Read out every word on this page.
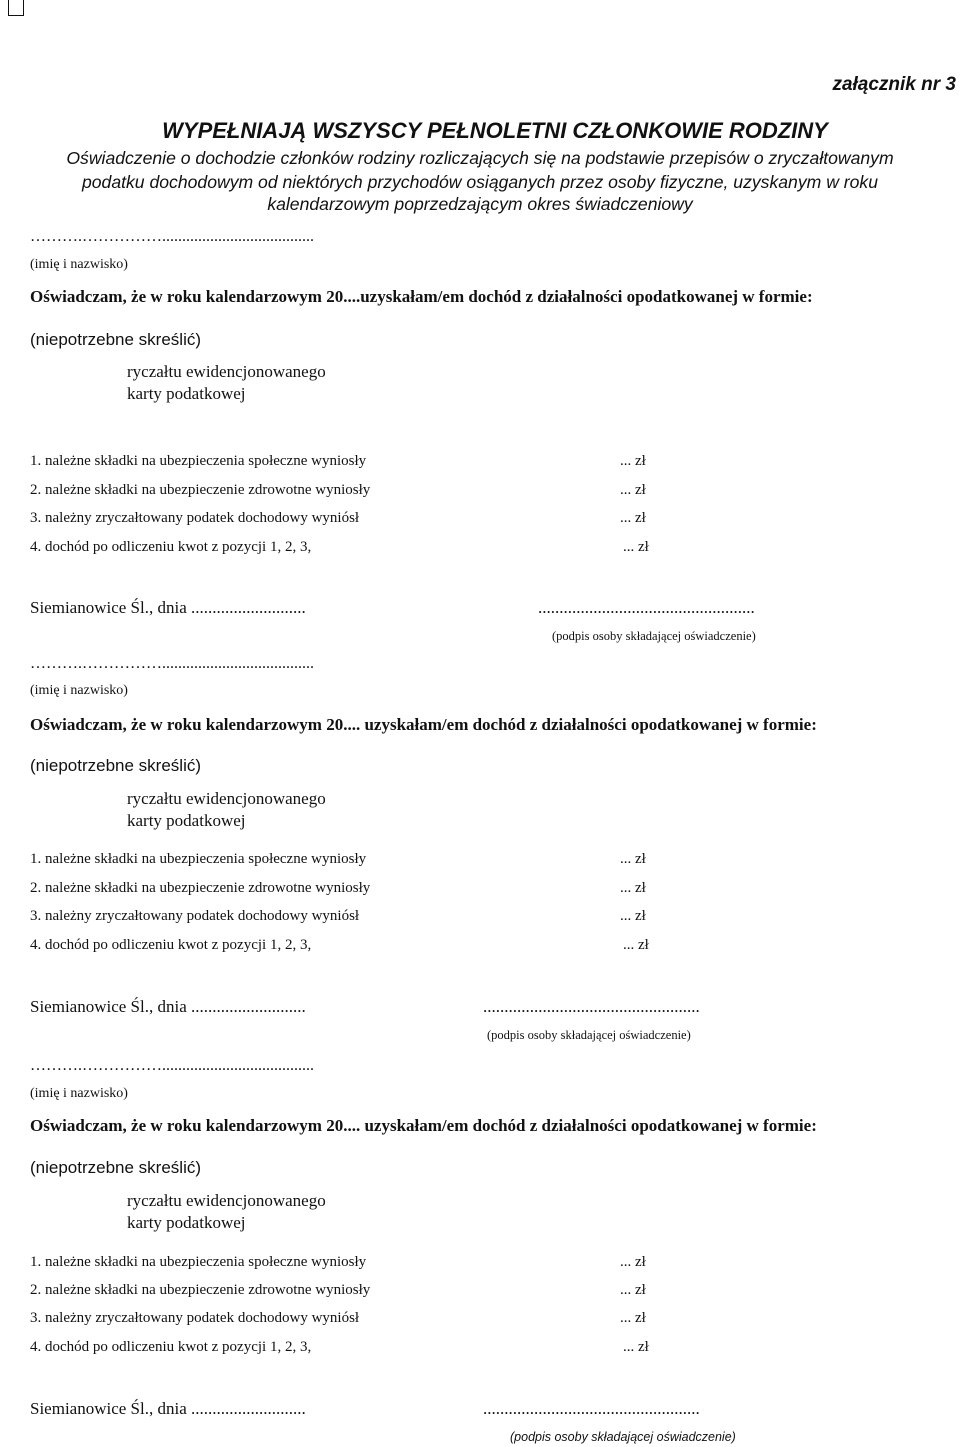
załącznik nr 3
WYPEŁNIAJĄ WSZYSCY PEŁNOLETNI CZŁONKOWIE RODZINY
Oświadczenie o dochodzie członków rodziny rozliczających się na podstawie przepisów o zryczałtowanym
podatku dochodowym od niektórych przychodów osiąganych przez osoby fizyczne, uzyskanym w roku
kalendarzowym poprzedzającym okres świadczeniowy
……….……………......................................
(imię i nazwisko)
Oświadczam, że w roku kalendarzowym 20....uzyskałam/em dochód z działalności opodatkowanej w formie:
(niepotrzebne skreślić)
ryczałtu ewidencjonowanego
karty podatkowej
1. należne składki na ubezpieczenia społeczne wyniosły	... zł
2. należne składki na ubezpieczenie zdrowotne wyniosły	... zł
3. należny zryczałtowany podatek dochodowy wyniósł	... zł
4. dochód po odliczeniu kwot z pozycji 1, 2, 3,	... zł
Siemianowice Śl., dnia ...........................	...................................................
(podpis osoby składającej oświadczenie)
……….……………......................................
(imię i nazwisko)
Oświadczam, że w roku kalendarzowym 20.... uzyskałam/em dochód z działalności opodatkowanej w formie:
(niepotrzebne skreślić)
ryczałtu ewidencjonowanego
karty podatkowej
1. należne składki na ubezpieczenia społeczne wyniosły	... zł
2. należne składki na ubezpieczenie zdrowotne wyniosły	... zł
3. należny zryczałtowany podatek dochodowy wyniósł	... zł
4. dochód po odliczeniu kwot z pozycji 1, 2, 3,	... zł
Siemianowice Śl., dnia ...........................	...................................................
(podpis osoby składającej oświadczenie)
……….……………......................................
(imię i nazwisko)
Oświadczam, że w roku kalendarzowym 20.... uzyskałam/em dochód z działalności opodatkowanej w formie:
(niepotrzebne skreślić)
ryczałtu ewidencjonowanego
karty podatkowej
1. należne składki na ubezpieczenia społeczne wyniosły	... zł
2. należne składki na ubezpieczenie zdrowotne wyniosły	... zł
3. należny zryczałtowany podatek dochodowy wyniósł	... zł
4. dochód po odliczeniu kwot z pozycji 1, 2, 3,	... zł
Siemianowice Śl., dnia ...........................	...................................................
(podpis osoby składającej oświadczenie)
